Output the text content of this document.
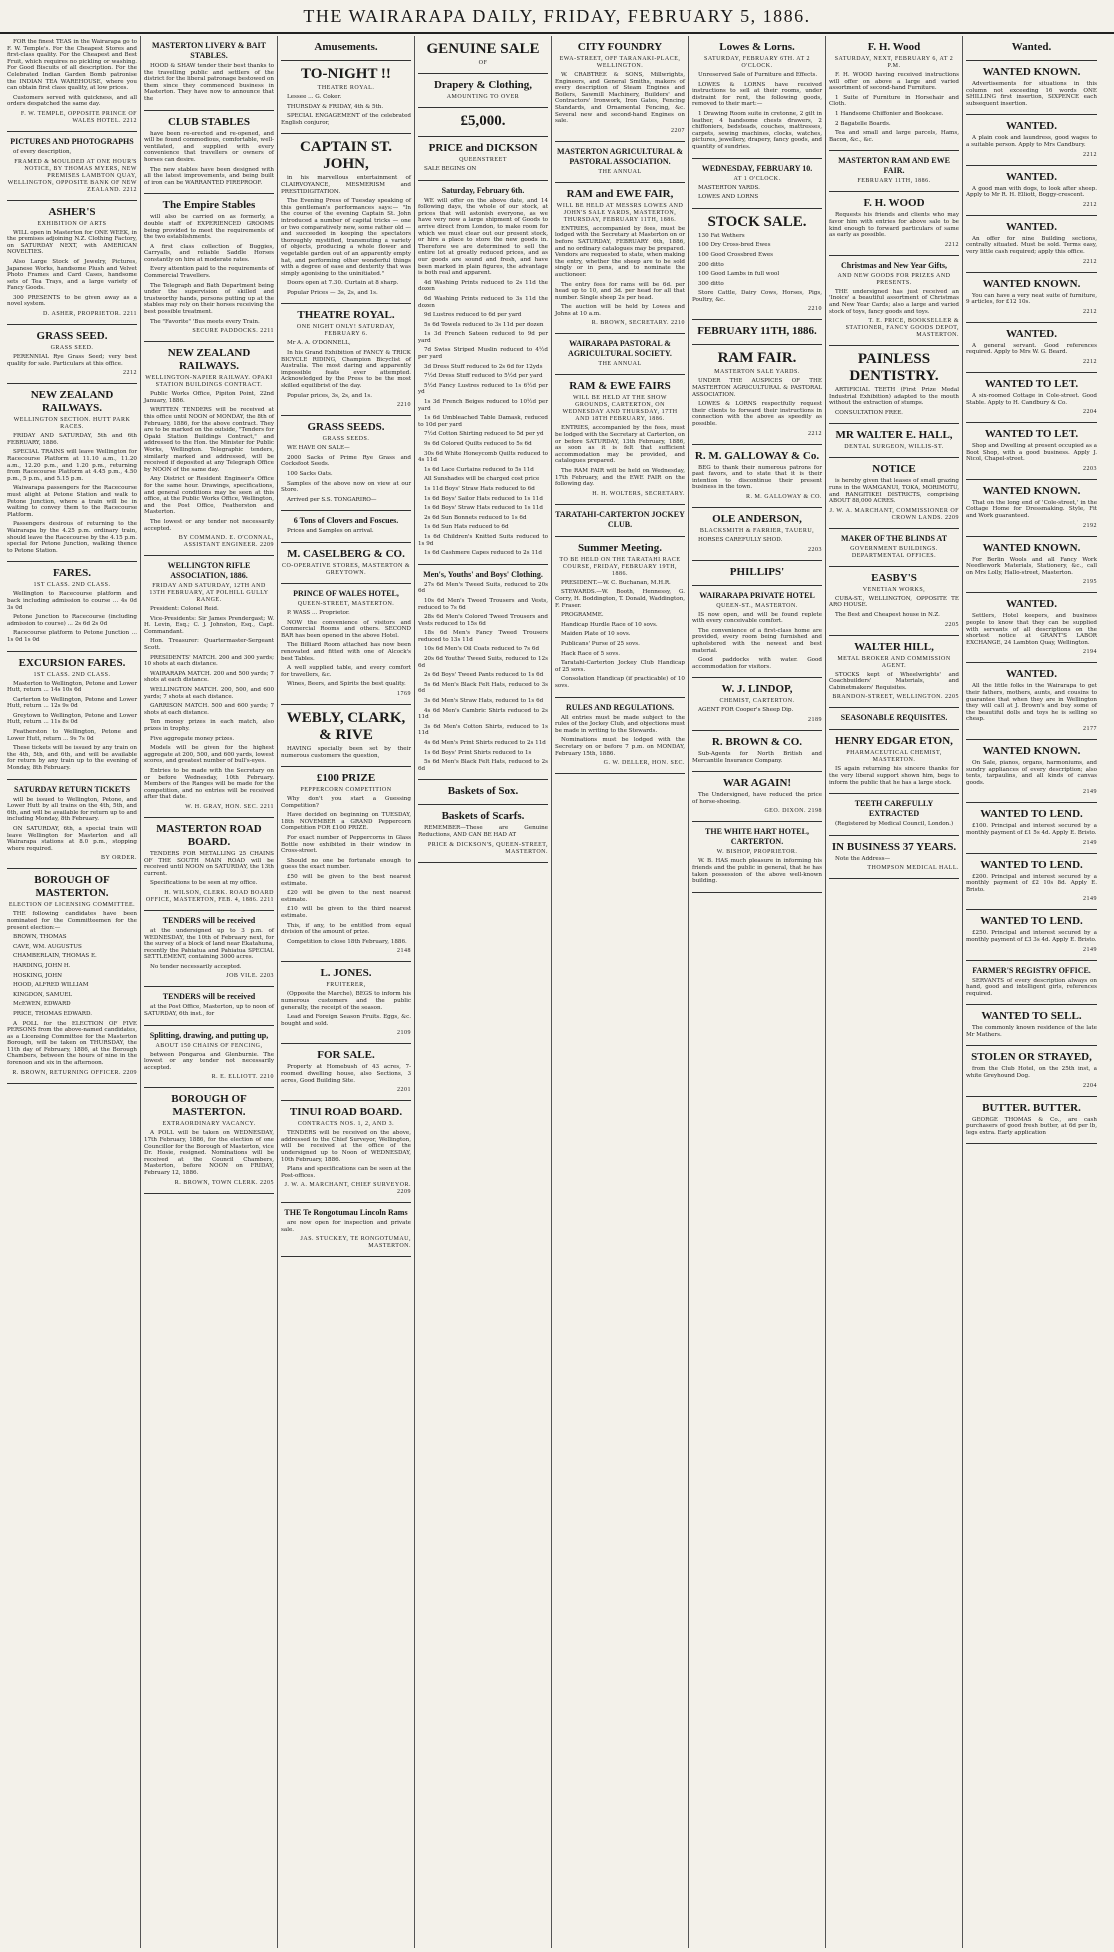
THE WAIRARAPA DAILY, FRIDAY, FEBRUARY 5, 1886.

FOR the finest TEAS in the Wairarapa go to F. W. Temple's. For the Cheapest Stores and first-class quality. For the Cheapest and Best Fruit, which requires no pickling or washing. For Good Biscuits of all description. For the Celebrated Indian Garden Bomb patronise the INDIAN TEA WAREHOUSE, where you can obtain first class quality, at low prices.

Customers served with quickness, and all orders despatched the same day.

F. W. TEMPLE, OPPOSITE PRINCE OF WALES HOTEL. 2212
PICTURES AND PHOTOGRAPHS

of every description,

FRAMED & MOULDED AT ONE HOUR'S NOTICE, BY THOMAS MYERS, NEW PREMISES LAMBTON QUAY, WELLINGTON, OPPOSITE BANK OF NEW ZEALAND. 2212
ASHER'S
EXHIBITION OF ARTS

WILL open in Masterton for ONE WEEK, in the premises adjoining N.Z. Clothing Factory, on SATURDAY NEXT, with AMERICAN NOVELTIES.

Also Large Stock of Jewelry, Pictures, Japanese Works, handsome Plush and Velvet Photo Frames and Card Cases, handsome sets of Tea Trays, and a large variety of Fancy Goods.

300 PRESENTS to be given away as a novel system.

D. ASHER, PROPRIETOR. 2211
GRASS SEED.
GRASS SEED.

PERENNIAL Rye Grass Seed; very best quality for sale. Particulars at this office.

2212
NEW ZEALAND RAILWAYS.
WELLINGTON SECTION. HUTT PARK RACES.

FRIDAY AND SATURDAY, 5th and 6th FEBRUARY, 1886.

SPECIAL TRAINS will leave Wellington for Racecourse Platform at 11.10 a.m., 11.20 a.m., 12.20 p.m., and 1.20 p.m., returning from Racecourse Platform at 4.45 p.m., 4.50 p.m., 5 p.m., and 5.15 p.m.

Waiwarapa passengers for the Racecourse must alight at Petone Station and walk to Petone Junction, where a train will be in waiting to convey them to the Racecourse Platform.

Passengers desirous of returning to the Wairarapa by the 4.25 p.m. ordinary train, should leave the Racecourse by the 4.15 p.m. special for Petone Junction, walking thence to Petone Station.

FARES.
1ST CLASS. 2ND CLASS.

Wellington to Racecourse platform and back including admission to course ... 4s 0d 3s 0d

Petone Junction to Racecourse (including admission to course) ... 2s 6d 2s 0d

Racecourse platform to Petone Junction ... 1s 0d 1s 0d

EXCURSION FARES.
1ST CLASS. 2ND CLASS.

Masterton to Wellington, Petone and Lower Hutt, return ... 14s 10s 6d

Carterton to Wellington, Petone and Lower Hutt, return ... 12s 9s 0d

Greytown to Wellington, Petone and Lower Hutt, return ... 11s 8s 0d

Featherston to Wellington, Petone and Lower Hutt, return ... 9s 7s 0d

These tickets will be issued by any train on the 4th, 5th, and 6th, and will be available for return by any train up to the evening of Monday, 8th February.

SATURDAY RETURN TICKETS

will be issued to Wellington, Petone, and Lower Hutt by all trains on the 4th, 5th, and 6th, and will be available for return up to and including Monday, 8th February.

ON SATURDAY, 6th, a special train will leave Wellington for Masterton and all Wairarapa stations at 8.0 p.m., stopping where required.

BY ORDER.
BOROUGH OF MASTERTON.
ELECTION OF LICENSING COMMITTEE.

THE following candidates have been nominated for the Committeemen for the present election:—

BROWN, THOMAS

CAVE, WM. AUGUSTUS

CHAMBERLAIN, THOMAS E.

HARDING, JOHN H.

HOSKING, JOHN

HOOD, ALFRED WILLIAM

KINGDON, SAMUEL

McEWEN, EDWARD

PRICE, THOMAS EDWARD.

A POLL for the ELECTION OF FIVE PERSONS from the above-named candidates, as a Licensing Committee for the Masterton Borough, will be taken on THURSDAY, the 11th day of February, 1886, at the Borough Chambers, between the hours of nine in the forenoon and six in the afternoon.

R. BROWN, RETURNING OFFICER. 2209
MASTERTON LIVERY & BAIT STABLES.

HOOD & SHAW tender their best thanks to the travelling public and settlers of the district for the liberal patronage bestowed on them since they commenced business in Masterton. They have now to announce that the

CLUB STABLES

have been re-erected and re-opened, and will be found commodious, comfortable, well-ventilated, and supplied with every convenience that travellers or owners of horses can desire.

The new stables have been designed with all the latest improvements, and being built of iron can be WARRANTED FIREPROOF.

The Empire Stables

will also be carried on as formerly, a double staff of EXPERIENCED GROOMS being provided to meet the requirements of the two establishments.

A first class collection of Buggies, Carryalls, and reliable Saddle Horses constantly on hire at moderate rates.

Every attention paid to the requirements of Commercial Travellers.

The Telegraph and Bath Department being under the supervision of skilled and trustworthy hands, persons putting up at the stables may rely on their horses receiving the best possible treatment.

The "Favorite" 'Bus meets every Train.

SECURE PADDOCKS. 2211
NEW ZEALAND RAILWAYS.
WELLINGTON-NAPIER RAILWAY. OPAKI STATION BUILDINGS CONTRACT.

Public Works Office, Pipiton Point, 22nd January, 1886.

WRITTEN TENDERS will be received at this office until NOON of MONDAY, the 8th of February, 1886, for the above contract. They are to be marked on the outside, "Tenders for Opaki Station Buildings Contract," and addressed to the Hon. the Minister for Public Works, Wellington. Telegraphic tenders, similarly marked and addressed, will be received if deposited at any Telegraph Office by NOON of the same day.

Any District or Resident Engineer's Office for the same hour. Drawings, specifications, and general conditions may be seen at this office, at the Public Works Office, Wellington, and the Post Office, Featherston and Masterton.

The lowest or any tender not necessarily accepted.

BY COMMAND. E. O'CONNAL, ASSISTANT ENGINEER. 2209
WELLINGTON RIFLE ASSOCIATION, 1886.
FRIDAY AND SATURDAY, 12TH AND 13TH FEBRUARY, AT POLHILL GULLY RANGE.

President: Colonel Reid.

Vice-Presidents: Sir James Prendergast; W. H. Levin, Esq.; C. J. Johnston, Esq., Capt. Commandant.

Hon. Treasurer: Quartermaster-Sergeant Scott.

PRESIDENTS' MATCH. 200 and 300 yards; 10 shots at each distance.

WAIRARAPA MATCH. 200 and 500 yards; 7 shots at each distance.

WELLINGTON MATCH. 200, 500, and 600 yards; 7 shots at each distance.

GARRISON MATCH. 500 and 600 yards; 7 shots at each distance.

Ten money prizes in each match, also prizes in trophy.

Five aggregate money prizes.

Models will be given for the highest aggregate at 200, 500, and 600 yards, lowest scores, and greatest number of bull's-eyes.

Entries to be made with the Secretary on or before Wednesday, 10th February. Members of the Ranges will be made for the competition, and no entries will be received after that date.

W. H. GRAY, HON. SEC. 2211
MASTERTON ROAD BOARD.

TENDERS FOR METALLING 25 CHAINS OF THE SOUTH MAIN ROAD will be received until NOON on SATURDAY, the 13th current.

Specifications to be seen at my office.

H. WILSON, CLERK. ROAD BOARD OFFICE, MASTERTON, FEB. 4, 1886. 2211
TENDERS will be received

at the undersigned up to 3 p.m. of WEDNESDAY, the 10th of February next, for the survey of a block of land near Ekatahuna, recently the Pahiatua and Pahiatua SPECIAL SETTLEMENT, containing 3000 acres.

No tender necessarily accepted.

JOB VILE. 2203
TENDERS will be received

at the Post Office, Masterton, up to noon of SATURDAY, 6th inst., for

Splitting, drawing, and putting up,
ABOUT 150 CHAINS OF FENCING,

between Pongaroa and Glenburnie. The lowest or any tender not necessarily accepted.

R. E. ELLIOTT. 2210
BOROUGH OF MASTERTON.
EXTRAORDINARY VACANCY.

A POLL will be taken on WEDNESDAY, 17th February, 1886, for the election of one Councillor for the Borough of Masterton, vice Dr. Hosie, resigned. Nominations will be received at the Council Chambers, Masterton, before NOON on FRIDAY, February 12, 1886.

R. BROWN, TOWN CLERK. 2205
Amusements.
TO-NIGHT !!
THEATRE ROYAL.

Lessee ... G. Coker.

THURSDAY & FRIDAY, 4th & 5th.

SPECIAL ENGAGEMENT of the celebrated English conjuror,

CAPTAIN ST. JOHN,

in his marvellous entertainment of CLAIRVOYANCE, MESMERISM and PRESTIDIGITATION.

The Evening Press of Tuesday speaking of this gentleman's performances says:— "In the course of the evening Captain St. John introduced a number of capital tricks — one or two comparatively new, some rather old — and succeeded in keeping the spectators thoroughly mystified, transmuting a variety of objects, producing a whole flower and vegetable garden out of an apparently empty hat, and performing other wonderful things with a degree of ease and dexterity that was simply agonising to the uninitiated."

Doors open at 7.30. Curtain at 8 sharp.

Popular Prices — 3s, 2s, and 1s.

THEATRE ROYAL.
ONE NIGHT ONLY! SATURDAY, FEBRUARY 6.

Mr A. A. O'DONNELL,

In his Grand Exhibition of FANCY & TRICK BICYCLE RIDING, Champion Bicyclist of Australia. The most daring and apparently impossible feats ever attempted. Acknowledged by the Press to be the most skilled equilibrist of the day.

Popular prices, 3s, 2s, and 1s.

2210
GRASS SEEDS.
GRASS SEEDS.

WE HAVE ON SALE—

2000 Sacks of Prime Rye Grass and Cocksfoot Seeds.

100 Sacks Oats.

Samples of the above now on view at our Store.

Arrived per S.S. TONGARIRO—

6 Tons of Clovers and Foscues.

Prices and Samples on arrival.

M. CASELBERG & CO.
CO-OPERATIVE STORES, MASTERTON & GREYTOWN.
PRINCE OF WALES HOTEL,
QUEEN-STREET, MASTERTON.

P. WASS ... Proprietor.

NOW the convenience of visitors and Commercial Rooms and others. SECOND BAR has been opened in the above Hotel.

The Billiard Room attached has now been renovated and fitted with one of Alcock's best Tables.

A well supplied table, and every comfort for travellers, &c.

Wines, Beers, and Spirits the best quality.

1769
WEBLY, CLARK, & RIVE

HAVING specially been set by their numerous customers the question,

£100 PRIZE
PEPPERCORN COMPETITION

Why don't you start a Guessing Competition?

Have decided on beginning on TUESDAY, 18th NOVEMBER a GRAND Peppercorn Competition FOR £100 PRIZE.

For exact number of Peppercorns in Glass Bottle now exhibited in their window in Cross-street.

Should no one be fortunate enough to guess the exact number.

£50 will be given to the best nearest estimate.

£20 will be given to the next nearest estimate.

£10 will be given to the third nearest estimate.

This, if any, to be entitled from equal division of the amount of prize.

Competition to close 18th February, 1886.

2148
L. JONES.
FRUITERER,

(Opposite the Marche), BEGS to inform his numerous customers and the public generally, the receipt of the season.

Lead and Foreign Season Fruits. Eggs, &c. bought and sold.

2109
FOR SALE.

Property at Homebush of 43 acres, 7-roomed dwelling house, also Sections, 3 acres, Good Building Site.

2201
TINUI ROAD BOARD.
CONTRACTS NOS. 1, 2, AND 3.

TENDERS will be received on the above, addressed to the Chief Surveyor, Wellington, will be received at the office of the undersigned up to Noon of WEDNESDAY, 10th February, 1886.

Plans and specifications can be seen at the Post-offices.

J. W. A. MARCHANT, CHIEF SURVEYOR. 2209
THE Te Rongotumau Lincoln Rams

are now open for inspection and private sale.

JAS. STUCKEY, TE RONGOTUMAU, MASTERTON.
GENUINE SALE
OF
Drapery & Clothing,
AMOUNTING TO OVER
£5,000.
PRICE and DICKSON
QUEENSTREET

SALE BEGINS ON

Saturday, February 6th.

WE will offer on the above date, and 14 following days, the whole of our stock, at prices that will astonish everyone, as we have very now a large shipment of Goods to arrive direct from London, to make room for which we must clear out our present stock, or hire a place to store the new goods in. Therefore we are determined to sell the entire lot at greatly reduced prices, and as our goods are sound and fresh, and have been marked in plain figures, the advantage is both real and apparent.

4d Washing Prints reduced to 2s 11d the dozen

6d Washing Prints reduced to 3s 11d the dozen

9d Lustres reduced to 6d per yard

5s 6d Towels reduced to 3s 11d per dozen

1s 3d French Sateen reduced to 9d per yard

7d Swiss Striped Muslin reduced to 4½d per yard

3d Dress Stuff reduced to 2s 6d for 12yds

7½d Dress Stuff reduced to 5½d per yard

5½d Fancy Lustres reduced to 1s 6½d per yd

1s 3d French Beiges reduced to 10½d per yard

1s 6d Umbleached Table Damask, reduced to 10d per yard

7½d Cotton Shirting reduced to 5d per yd

9s 6d Colored Quilts reduced to 5s 6d

30s 6d White Honeycomb Quilts reduced to 4s 11d

1s 6d Lace Curtains reduced to 5s 11d

All Sunshades will be charged cost price

1s 11d Boys' Straw Hats reduced to 6d

1s 6d Boys' Sailor Hats reduced to 1s 11d

1s 6d Boys' Straw Hats reduced to 1s 11d

2s 6d Sun Bonnets reduced to 1s 6d

1s 6d Sun Hats reduced to 6d

1s 6d Children's Knitted Suits reduced to 1s 9d

1s 6d Cashmere Capes reduced to 2s 11d

Men's, Youths' and Boys' Clothing.

27s 6d Men's Tweed Suits, reduced to 20s 6d

10s 6d Men's Tweed Trousers and Vests, reduced to 7s 6d

28s 6d Men's Colored Tweed Trousers and Vests reduced to 15s 6d

18s 6d Men's Fancy Tweed Trousers reduced to 13s 11d

10s 6d Men's Oil Coats reduced to 7s 6d

20s 6d Youths' Tweed Suits, reduced to 12s 6d

2s 6d Boys' Tweed Pants reduced to 1s 6d

5s 6d Men's Black Felt Hats, reduced to 3s 6d

3s 6d Men's Straw Hats, reduced to 1s 6d

4s 6d Men's Cambric Shirts reduced to 2s 11d

3s 6d Men's Cotton Shirts, reduced to 1s 11d

4s 6d Men's Print Shirts reduced to 2s 11d

1s 6d Boys' Print Shirts reduced to 1s

5s 6d Men's Black Felt Hats, reduced to 2s 6d

Baskets of Sox.
Baskets of Scarfs.

REMEMBER—These are Genuine Reductions, AND CAN BE HAD AT

PRICE & DICKSON'S, QUEEN-STREET, MASTERTON.
CITY FOUNDRY
EWA-STREET, OFF TARANAKI-PLACE, WELLINGTON.

W. CRABTREE & SONS, Millwrights, Engineers, and General Smiths, makers of every description of Steam Engines and Boilers, Sawmill Machinery, Builders' and Contractors' Ironwork, Iron Gates, Fencing Standards, and Ornamental Fencing, &c. Several new and second-hand Engines on sale.

2207
MASTERTON AGRICULTURAL & PASTORAL ASSOCIATION.
THE ANNUAL
RAM and EWE FAIR,
WILL BE HELD AT MESSRS LOWES AND JOHN'S SALE YARDS, MASTERTON, THURSDAY, FEBRUARY 11TH, 1886.

ENTRIES, accompanied by fees, must be lodged with the Secretary at Masterton on or before SATURDAY, FEBRUARY 6th, 1886, and no ordinary catalogues may be prepared. Vendors are requested to state, when making the entry, whether the sheep are to be sold singly or in pens, and to nominate the auctioneer.

The entry fees for rams will be 6d. per head up to 10, and 3d. per head for all that number. Single sheep 2s per head.

The auction will be held by Lowes and Johns at 10 a.m.

R. BROWN, SECRETARY. 2210
WAIRARAPA PASTORAL & AGRICULTURAL SOCIETY.
THE ANNUAL
RAM & EWE FAIRS
WILL BE HELD AT THE SHOW GROUNDS, CARTERTON, ON WEDNESDAY AND THURSDAY, 17TH AND 18TH FEBRUARY, 1886.

ENTRIES, accompanied by the fees, must be lodged with the Secretary at Carterton, on or before SATURDAY, 13th February, 1886, as soon as it is felt that sufficient accommodation may be provided, and catalogues prepared.

The RAM FAIR will be held on Wednesday, 17th February, and the EWE FAIR on the following day.

H. H. WOLTERS, SECRETARY.
TARATAHI-CARTERTON JOCKEY CLUB.
Summer Meeting.
TO BE HELD ON THE TARATAHI RACE COURSE, FRIDAY, FEBRUARY 19TH, 1886.

PRESIDENT.—W. C. Buchanan, M.H.R.

STEWARDS.—W. Booth, Hennessy, G. Corry, H. Boddington, T. Donald, Waddington, F. Fraser.

PROGRAMME.

Handicap Hurdle Race of 10 sovs.

Maiden Plate of 10 sovs.

Publicans' Purse of 25 sovs.

Hack Race of 5 sovs.

Taratahi-Carterton Jockey Club Handicap of 25 sovs.

Consolation Handicap (if practicable) of 10 sovs.

RULES AND REGULATIONS.

All entries must be made subject to the rules of the Jockey Club, and objections must be made in writing to the Stewards.

Nominations must be lodged with the Secretary on or before 7 p.m. on MONDAY, February 15th, 1886.

G. W. DELLER, HON. SEC.
Lowes & Lorns.
SATURDAY, FEBRUARY 6TH. AT 2 O'CLOCK.

Unreserved Sale of Furniture and Effects.

LOWES & LORNS have received instructions to sell at their rooms, under distraint for rent, the following goods, removed to their mart:—

1 Drawing Room suite in cretonne, 2 gilt in leather, 4 handsome chests drawers, 2 chiffoniers, bedsteads, couches, mattresses, carpets, sewing machines, clocks, watches, pictures, jewellery, drapery, fancy goods, and quantity of sundries.

WEDNESDAY, FEBRUARY 10.
AT 1 O'CLOCK.

MASTERTON YARDS.

LOWES AND LORNS

STOCK SALE.

130 Fat Wethers

100 Dry Cross-bred Ewes

100 Good Crossbred Ewes

200 ditto

100 Good Lambs in full wool

300 ditto

Store Cattle, Dairy Cows, Horses, Pigs, Poultry, &c.

2210
FEBRUARY 11TH, 1886.
RAM FAIR.
MASTERTON SALE YARDS.

UNDER THE AUSPICES OF THE MASTERTON AGRICULTURAL & PASTORAL ASSOCIATION.

LOWES & LORNS respectfully request their clients to forward their instructions in connection with the above as speedily as possible.

2212
R. M. GALLOWAY & Co.

BEG to thank their numerous patrons for past favors, and to state that it is their intention to discontinue their present business in the town.

R. M. GALLOWAY & CO.
OLE ANDERSON,
BLACKSMITH & FARRIER, TAUERU,

HORSES CAREFULLY SHOD.

2203
PHILLIPS'
WAIRARAPA PRIVATE HOTEL
QUEEN-ST., MASTERTON.

IS now open, and will be found replete with every conceivable comfort.

The convenience of a first-class home are provided, every room being furnished and upholstered with the newest and best material.

Good paddocks with water. Good accommodation for visitors.

W. J. LINDOP,
CHEMIST, CARTERTON.

AGENT FOR Cooper's Sheep Dip.

2189
R. BROWN & CO.

Sub-Agents for North British and Mercantile Insurance Company.

WAR AGAIN!

The Undersigned, have reduced the price of horse-shoeing.

GEO. DIXON. 2198
THE WHITE HART HOTEL, CARTERTON.
W. BISHOP, PROPRIETOR.

W. B. HAS much pleasure in informing his friends and the public in general, that he has taken possession of the above well-known building.

F. H. Wood
SATURDAY, NEXT, FEBRUARY 6, AT 2 P.M.

F. H. WOOD having received instructions will offer on above a large and varied assortment of second-hand Furniture.

1 Suite of Furniture in Horsehair and Cloth.

1 Handsome Chiffonier and Bookcase.

2 Bagatelle Boards.

Tea and small and large parcels, Hams, Bacon, &c., &c.

MASTERTON RAM AND EWE FAIR.
FEBRUARY 11TH, 1886.
F. H. WOOD

Requests his friends and clients who may favor him with entries for above sale to be kind enough to forward particulars of same as early as possible.

2212
Christmas and New Year Gifts,
AND NEW GOODS FOR PRIZES AND PRESENTS.

THE undersigned has just received an 'Inoice' a beautiful assortment of Christmas and New Year Cards; also a large and varied stock of toys, fancy goods and toys.

T. E. PRICE, BOOKSELLER & STATIONER, FANCY GOODS DEPOT, MASTERTON.
PAINLESS DENTISTRY.

ARTIFICIAL TEETH (First Prize Medal Industrial Exhibition) adapted to the mouth without the extraction of stumps.

CONSULTATION FREE.

MR WALTER E. HALL,
DENTAL SURGEON, WILLIS-ST.
NOTICE

is hereby given that leases of small grazing runs in the WAMGANUI, TOKA, MORIMOTU, and RANGITIKEI DISTRICTS, comprising ABOUT 88,000 ACRES.

J. W. A. MARCHANT, COMMISSIONER OF CROWN LANDS. 2209
MAKER OF THE BLINDS AT
GOVERNMENT BUILDINGS. DEPARTMENTAL OFFICES.
EASBY'S
VENETIAN WORKS,

CUBA-ST., WELLINGTON, OPPOSITE TE ARO HOUSE.

The Best and Cheapest house in N.Z.

2205
WALTER HILL,
METAL BROKER AND COMMISSION AGENT.

STOCKS kept of Wheelwrights' and Coachbuilders' Materials, and Cabinetmakers' Requisites.

BRANDON-STREET, WELLINGTON. 2205
SEASONABLE REQUISITES.
HENRY EDGAR ETON,
PHARMACEUTICAL CHEMIST, MASTERTON.

IS again returning his sincere thanks for the very liberal support shown him, begs to inform the public that he has a large stock.

TEETH CAREFULLY EXTRACTED

(Registered by Medical Council, London.)

IN BUSINESS 37 YEARS.

Note the Address—

THOMPSON MEDICAL HALL.
Wanted.
WANTED KNOWN.

Advertisements for situations in this column not exceeding 16 words ONE SHILLING first insertion, SIXPENCE each subsequent insertion.

WANTED.

A plain cook and laundress, good wages to a suitable person. Apply to Mrs Candbury.

2212
WANTED.

A good man with dogs, to look after sheep. Apply to Mr R. H. Elliott, Boggy-crescent.

2212
WANTED.

An offer for nine Building sections, centrally situated. Must be sold. Terms easy, very little cash required; apply this office.

2212
WANTED KNOWN.

You can have a very neat suite of furniture, 9 articles, for £12 10s.

2212
WANTED.

A general servant. Good references required. Apply to Mrs W. G. Beard.

2212
WANTED TO LET.

A six-roomed Cottage in Cole-street. Good Stable. Apply to H. Candbury & Co.

2204
WANTED TO LET.

Shop and Dwelling at present occupied as a Boot Shop, with a good business. Apply J. Nicol, Chapel-street.

2203
WANTED KNOWN.

That on the long end of 'Cole-street,' in the Cottage Home for Dressmaking. Style, Fit and Work guaranteed.

2192
WANTED KNOWN.

For Berlin Wools and all Fancy Work Needlework Materials, Stationery, &c., call on Mrs Lolly, Hallo-street, Masterton.

2195
WANTED.

Settlers, Hotel keepers, and business people to know that they can be supplied with servants of all descriptions on the shortest notice at GRANT'S LABOR EXCHANGE, 24 Lambton Quay, Wellington.

2194
WANTED.

All the little folks in the Wairarapa to get their fathers, mothers, aunts, and cousins to guarantee that when they are in Wellington they will call at J. Brown's and buy some of the beautiful dolls and toys he is selling so cheap.

2177
WANTED KNOWN.

On Sale, pianos, organs, harmoniums, and sundry appliances of every description; also tents, tarpaulins, and all kinds of canvas goods.

2149
WANTED TO LEND.

£100. Principal and interest secured by a monthly payment of £1 5s 4d. Apply E. Bristo.

2149
WANTED TO LEND.

£200. Principal and interest secured by a monthly payment of £2 10s 8d. Apply E. Bristo.

2149
WANTED TO LEND.

£250. Principal and interest secured by a monthly payment of £3 3s 4d. Apply E. Bristo.

2149
FARMER'S REGISTRY OFFICE.

SERVANTS of every description always on hand, good and intelligent girls, references required.

WANTED TO SELL.

The commonly known residence of the late Mr Mathers.

STOLEN OR STRAYED,

from the Club Hotel, on the 25th inst, a white Greyhound Dog.

2204
BUTTER. BUTTER.

GEORGE THOMAS & Co., are cash purchasers of good fresh butter, at 6d per lb, legs extra. Early application
